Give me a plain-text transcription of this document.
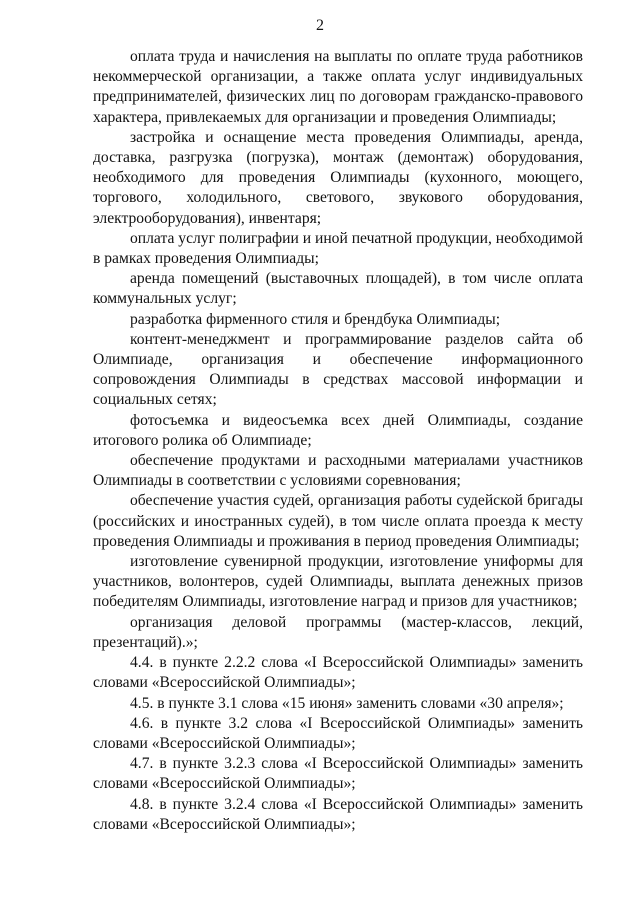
2

оплата труда и начисления на выплаты по оплате труда работников некоммерческой организации, а также оплата услуг индивидуальных предпринимателей, физических лиц по договорам гражданско-правового характера, привлекаемых для организации и проведения Олимпиады;

застройка и оснащение места проведения Олимпиады, аренда, доставка, разгрузка (погрузка), монтаж (демонтаж) оборудования, необходимого для проведения Олимпиады (кухонного, моющего, торгового, холодильного, светового, звукового оборудования, электрооборудования), инвентаря;

оплата услуг полиграфии и иной печатной продукции, необходимой в рамках проведения Олимпиады;

аренда помещений (выставочных площадей), в том числе оплата коммунальных услуг;

разработка фирменного стиля и брендбука Олимпиады;

контент-менеджмент и программирование разделов сайта об Олимпиаде, организация и обеспечение информационного сопровождения Олимпиады в средствах массовой информации и социальных сетях;

фотосъемка и видеосъемка всех дней Олимпиады, создание итогового ролика об Олимпиаде;

обеспечение продуктами и расходными материалами участников Олимпиады в соответствии с условиями соревнования;

обеспечение участия судей, организация работы судейской бригады (российских и иностранных судей), в том числе оплата проезда к месту проведения Олимпиады и проживания в период проведения Олимпиады;

изготовление сувенирной продукции, изготовление униформы для участников, волонтеров, судей Олимпиады, выплата денежных призов победителям Олимпиады, изготовление наград и призов для участников;

организация деловой программы (мастер-классов, лекций, презентаций).»;

4.4. в пункте 2.2.2 слова «I Всероссийской Олимпиады» заменить словами «Всероссийской Олимпиады»;

4.5. в пункте 3.1 слова «15 июня» заменить словами «30 апреля»;

4.6. в пункте 3.2 слова «I Всероссийской Олимпиады» заменить словами «Всероссийской Олимпиады»;

4.7. в пункте 3.2.3 слова «I Всероссийской Олимпиады» заменить словами «Всероссийской Олимпиады»;

4.8. в пункте 3.2.4 слова «I Всероссийской Олимпиады» заменить словами «Всероссийской Олимпиады»;
